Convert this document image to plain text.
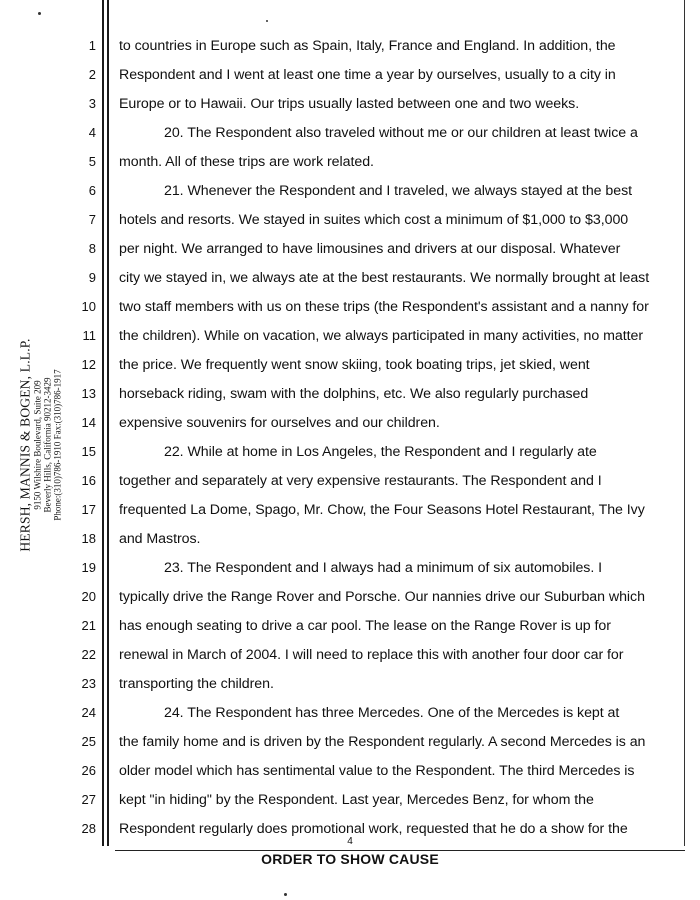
HERSH, MANNIS & BOGEN, L.L.P. 9150 Wilshire Boulevard, Suite 209 Beverly Hills, California 90212-3429 Phone:(310)786-1910 Fax:(310)786-1917
1
2
3
4
5
6
7
8
9
10
11
12
13
14
15
16
17
18
19
20
21
22
23
24
25
26
27
28
to countries in Europe such as Spain, Italy, France and England. In addition, the
Respondent and I went at least one time a year by ourselves, usually to a city in
Europe or to Hawaii. Our trips usually lasted between one and two weeks.
20. The Respondent also traveled without me or our children at least twice a
month. All of these trips are work related.
21. Whenever the Respondent and I traveled, we always stayed at the best
hotels and resorts. We stayed in suites which cost a minimum of $1,000 to $3,000
per night. We arranged to have limousines and drivers at our disposal. Whatever
city we stayed in, we always ate at the best restaurants. We normally brought at least
two staff members with us on these trips (the Respondent's assistant and a nanny for
the children). While on vacation, we always participated in many activities, no matter
the price. We frequently went snow skiing, took boating trips, jet skied, went
horseback riding, swam with the dolphins, etc. We also regularly purchased
expensive souvenirs for ourselves and our children.
22. While at home in Los Angeles, the Respondent and I regularly ate
together and separately at very expensive restaurants. The Respondent and I
frequented La Dome, Spago, Mr. Chow, the Four Seasons Hotel Restaurant, The Ivy
and Mastros.
23. The Respondent and I always had a minimum of six automobiles. I
typically drive the Range Rover and Porsche. Our nannies drive our Suburban which
has enough seating to drive a car pool. The lease on the Range Rover is up for
renewal in March of 2004. I will need to replace this with another four door car for
transporting the children.
24. The Respondent has three Mercedes. One of the Mercedes is kept at
the family home and is driven by the Respondent regularly. A second Mercedes is an
older model which has sentimental value to the Respondent. The third Mercedes is
kept "in hiding" by the Respondent. Last year, Mercedes Benz, for whom the
Respondent regularly does promotional work, requested that he do a show for the
4
ORDER TO SHOW CAUSE
